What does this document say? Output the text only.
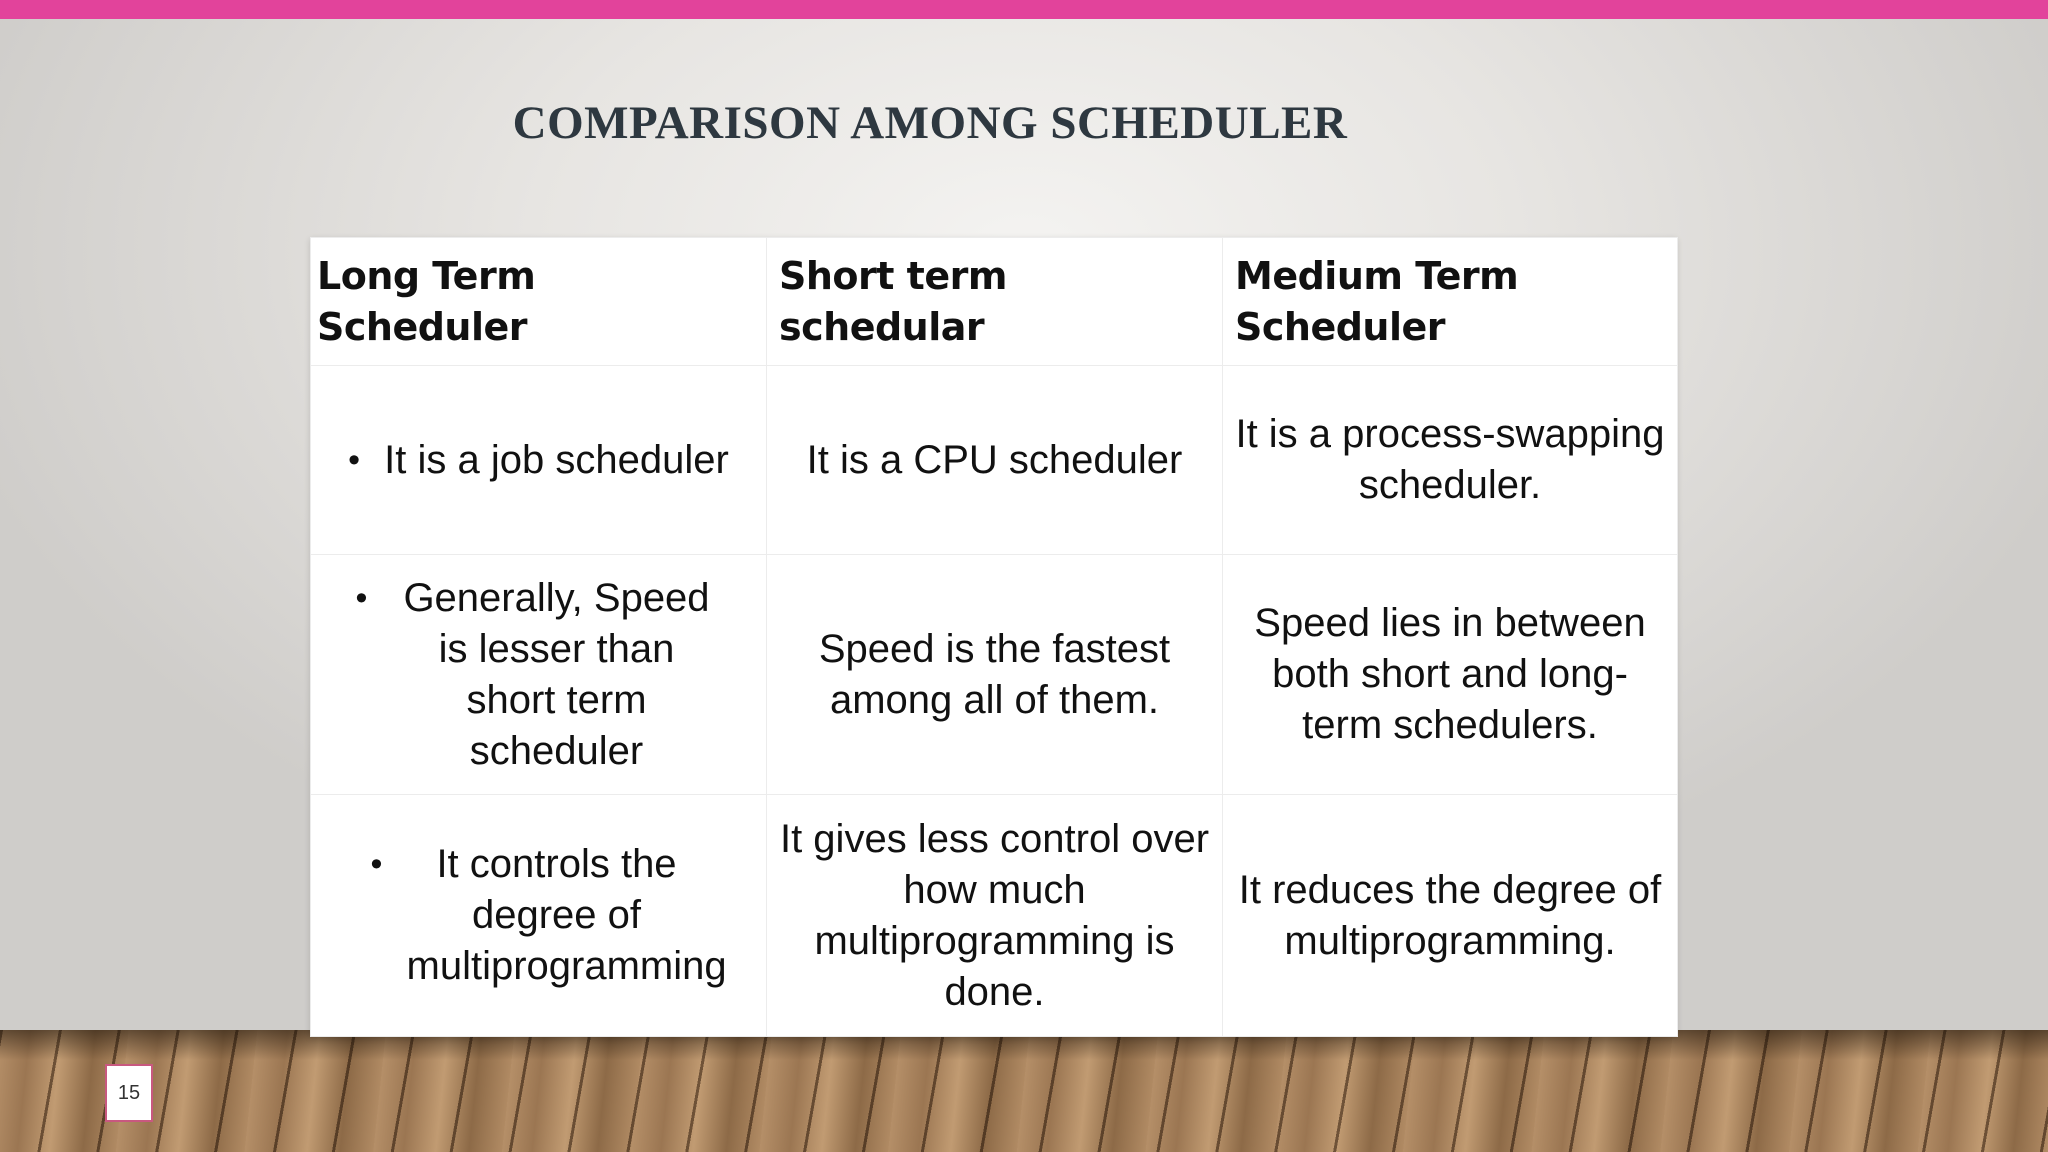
COMPARISON AMONG SCHEDULER
Long Term Scheduler	Short term schedular	Medium Term Scheduler

• It is a job scheduler	It is a CPU scheduler	It is a process-swapping scheduler.

• Generally, Speed is lesser than short term scheduler	Speed is the fastest among all of them.	Speed lies in between both short and long-term schedulers.

• It controls the degree of multiprogramming	It gives less control over how much multiprogramming is done.	It reduces the degree of multiprogramming.
15
